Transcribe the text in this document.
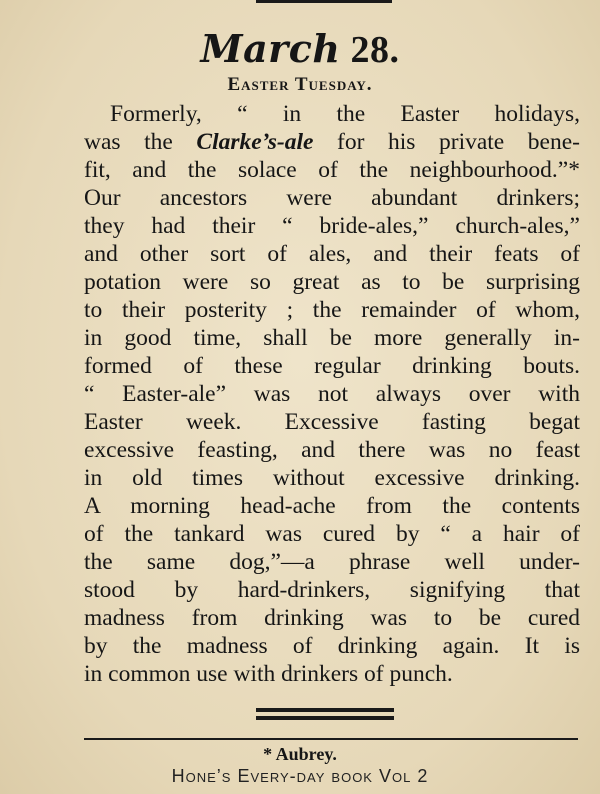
March 28.
Easter Tuesday.
Formerly, “ in the Easter holidays,
was the Clarke’s-ale for his private bene-
fit, and the solace of the neighbourhood.”*
Our ancestors were abundant drinkers;
they had their “ bride-ales,” church-ales,”
and other sort of ales, and their feats of
potation were so great as to be surprising
to their posterity ; the remainder of whom,
in good time, shall be more generally in-
formed of these regular drinking bouts.
“ Easter-ale” was not always over with
Easter week. Excessive fasting begat
excessive feasting, and there was no feast
in old times without excessive drinking.
A morning head-ache from the contents
of the tankard was cured by “ a hair of
the same dog,”—a phrase well under-
stood by hard-drinkers, signifying that
madness from drinking was to be cured
by the madness of drinking again. It is
in common use with drinkers of punch.
* Aubrey.
Hone’s Every-day book Vol 2
